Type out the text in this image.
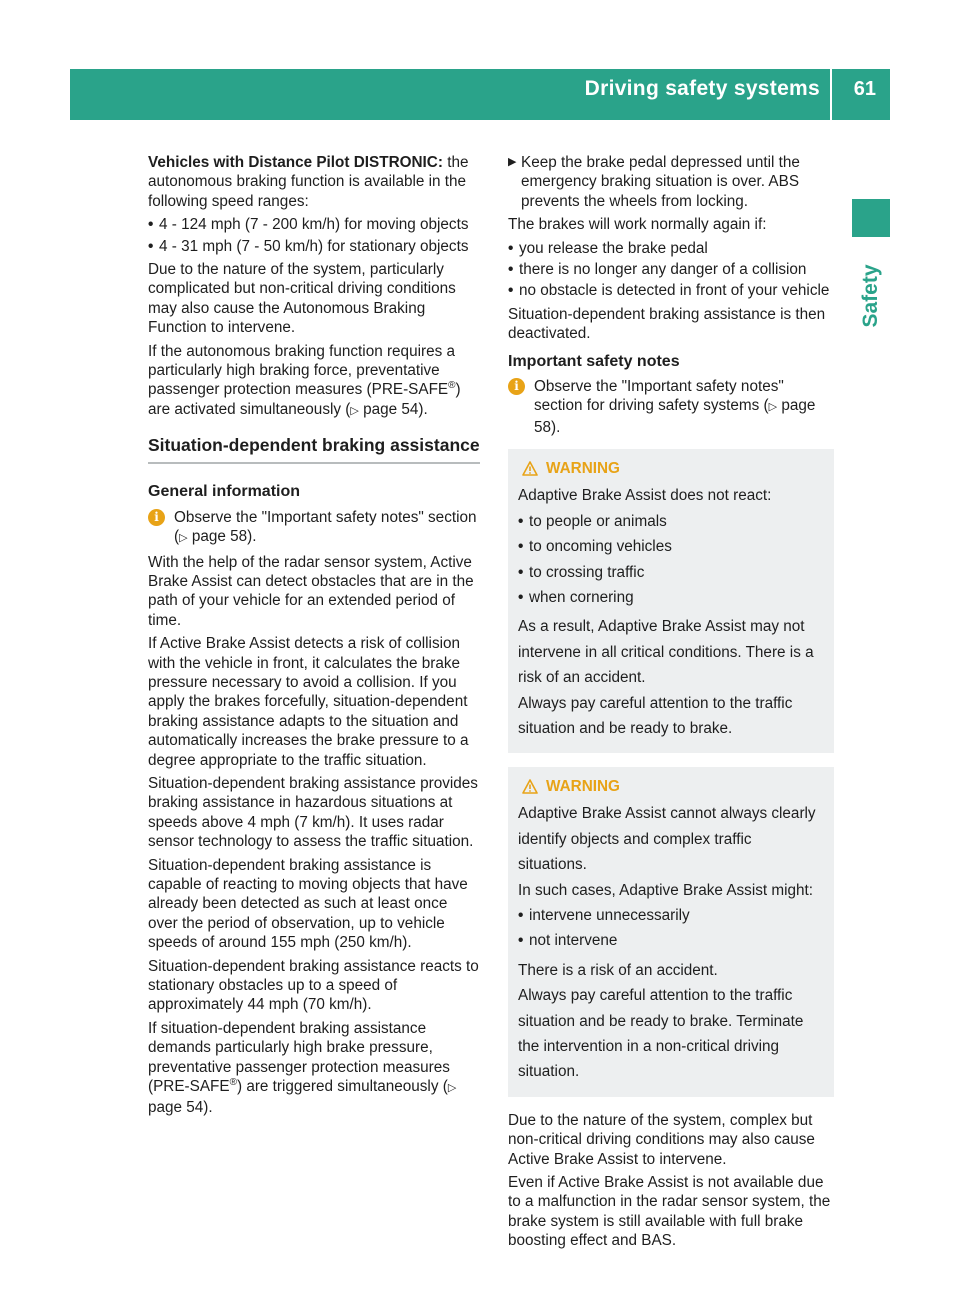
Driving safety systems 61
Safety

Vehicles with Distance Pilot DISTRONIC: the autonomous braking function is available in the following speed ranges:

• 4 - 124 mph (7 - 200 km/h) for moving objects
• 4 - 31 mph (7 - 50 km/h) for stationary objects

Due to the nature of the system, particularly complicated but non-critical driving conditions may also cause the Autonomous Braking Function to intervene.

If the autonomous braking function requires a particularly high braking force, preventative passenger protection measures (PRE-SAFE®) are activated simultaneously (▷ page 54).

Situation-dependent braking assistance
General information
i Observe the "Important safety notes" section (▷ page 58).

With the help of the radar sensor system, Active Brake Assist can detect obstacles that are in the path of your vehicle for an extended period of time.

If Active Brake Assist detects a risk of collision with the vehicle in front, it calculates the brake pressure necessary to avoid a collision. If you apply the brakes forcefully, situation-dependent braking assistance adapts to the situation and automatically increases the brake pressure to a degree appropriate to the traffic situation.

Situation-dependent braking assistance provides braking assistance in hazardous situations at speeds above 4 mph (7 km/h). It uses radar sensor technology to assess the traffic situation.

Situation-dependent braking assistance is capable of reacting to moving objects that have already been detected as such at least once over the period of observation, up to vehicle speeds of around 155 mph (250 km/h).

Situation-dependent braking assistance reacts to stationary obstacles up to a speed of approximately 44 mph (70 km/h).

If situation-dependent braking assistance demands particularly high brake pressure, preventative passenger protection measures (PRE-SAFE®) are triggered simultaneously (▷ page 54).

▶ Keep the brake pedal depressed until the emergency braking situation is over. ABS prevents the wheels from locking.

The brakes will work normally again if:

• you release the brake pedal
• there is no longer any danger of a collision
• no obstacle is detected in front of your vehicle

Situation-dependent braking assistance is then deactivated.

Important safety notes
i Observe the "Important safety notes" section for driving safety systems (▷ page 58).
WARNING

Adaptive Brake Assist does not react:

• to people or animals
• to oncoming vehicles
• to crossing traffic
• when cornering

As a result, Adaptive Brake Assist may not intervene in all critical conditions. There is a risk of an accident.

Always pay careful attention to the traffic situation and be ready to brake.

WARNING

Adaptive Brake Assist cannot always clearly identify objects and complex traffic situations.

In such cases, Adaptive Brake Assist might:

• intervene unnecessarily
• not intervene

There is a risk of an accident.

Always pay careful attention to the traffic situation and be ready to brake. Terminate the intervention in a non-critical driving situation.

Due to the nature of the system, complex but non-critical driving conditions may also cause Active Brake Assist to intervene.

Even if Active Brake Assist is not available due to a malfunction in the radar sensor system, the brake system is still available with full brake boosting effect and BAS.
